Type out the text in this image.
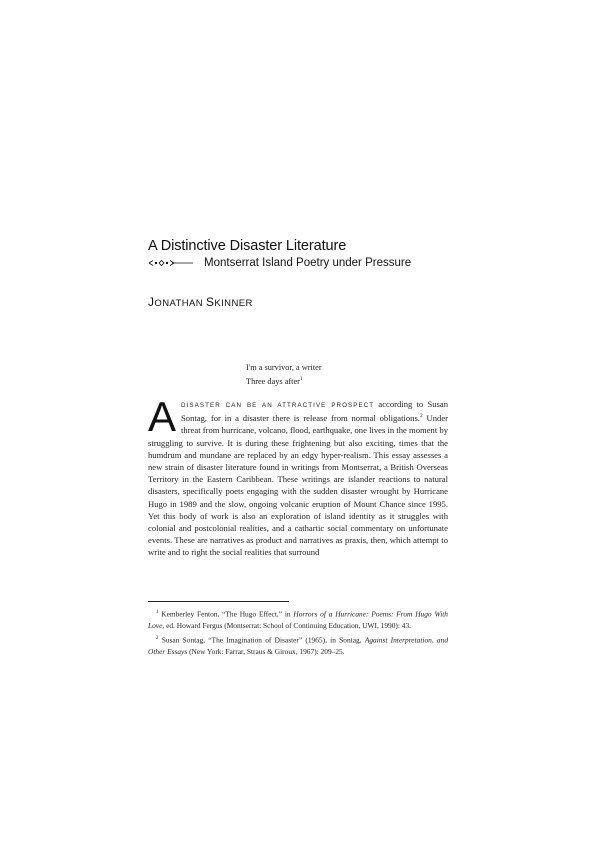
A Distinctive Disaster Literature
Montserrat Island Poetry under Pressure
JONATHAN SKINNER
I'm a survivor, a writer
Three days after$^1$

ADISASTER CAN BE AN ATTRACTIVE PROSPECT according to Susan Sontag, for in a disaster there is release from normal obligations.$^2$ Under threat from hurricane, volcano, flood, earthquake, one lives in the moment by struggling to survive. It is during these frightening but also exciting, times that the humdrum and mundane are replaced by an edgy hyper-realism. This essay assesses a new strain of disaster literature found in writings from Montserrat, a British Overseas Territory in the Eastern Caribbean. These writings are islander reactions to natural disasters, specifically poets engaging with the sudden disaster wrought by Hurricane Hugo in 1989 and the slow, ongoing volcanic eruption of Mount Chance since 1995. Yet this body of work is also an exploration of island identity as it struggles with colonial and postcolonial realities, and a cathartic social commentary on unfortunate events. These are narratives as product and narratives as praxis, then, which attempt to write and to right the social realities that surround

$^1$ Kemberley Fenton, “The Hugo Effect,” in Horrors of a Hurricane: Poems: From Hugo With Love, ed. Howard Fergus (Montserrat: School of Continuing Education, UWI, 1990): 43.

$^2$ Susan Sontag, “The Imagination of Disaster” (1965), in Sontag, Against Interpretation, and Other Essays (New York: Farrar, Straus & Giroux, 1967): 209–25.
